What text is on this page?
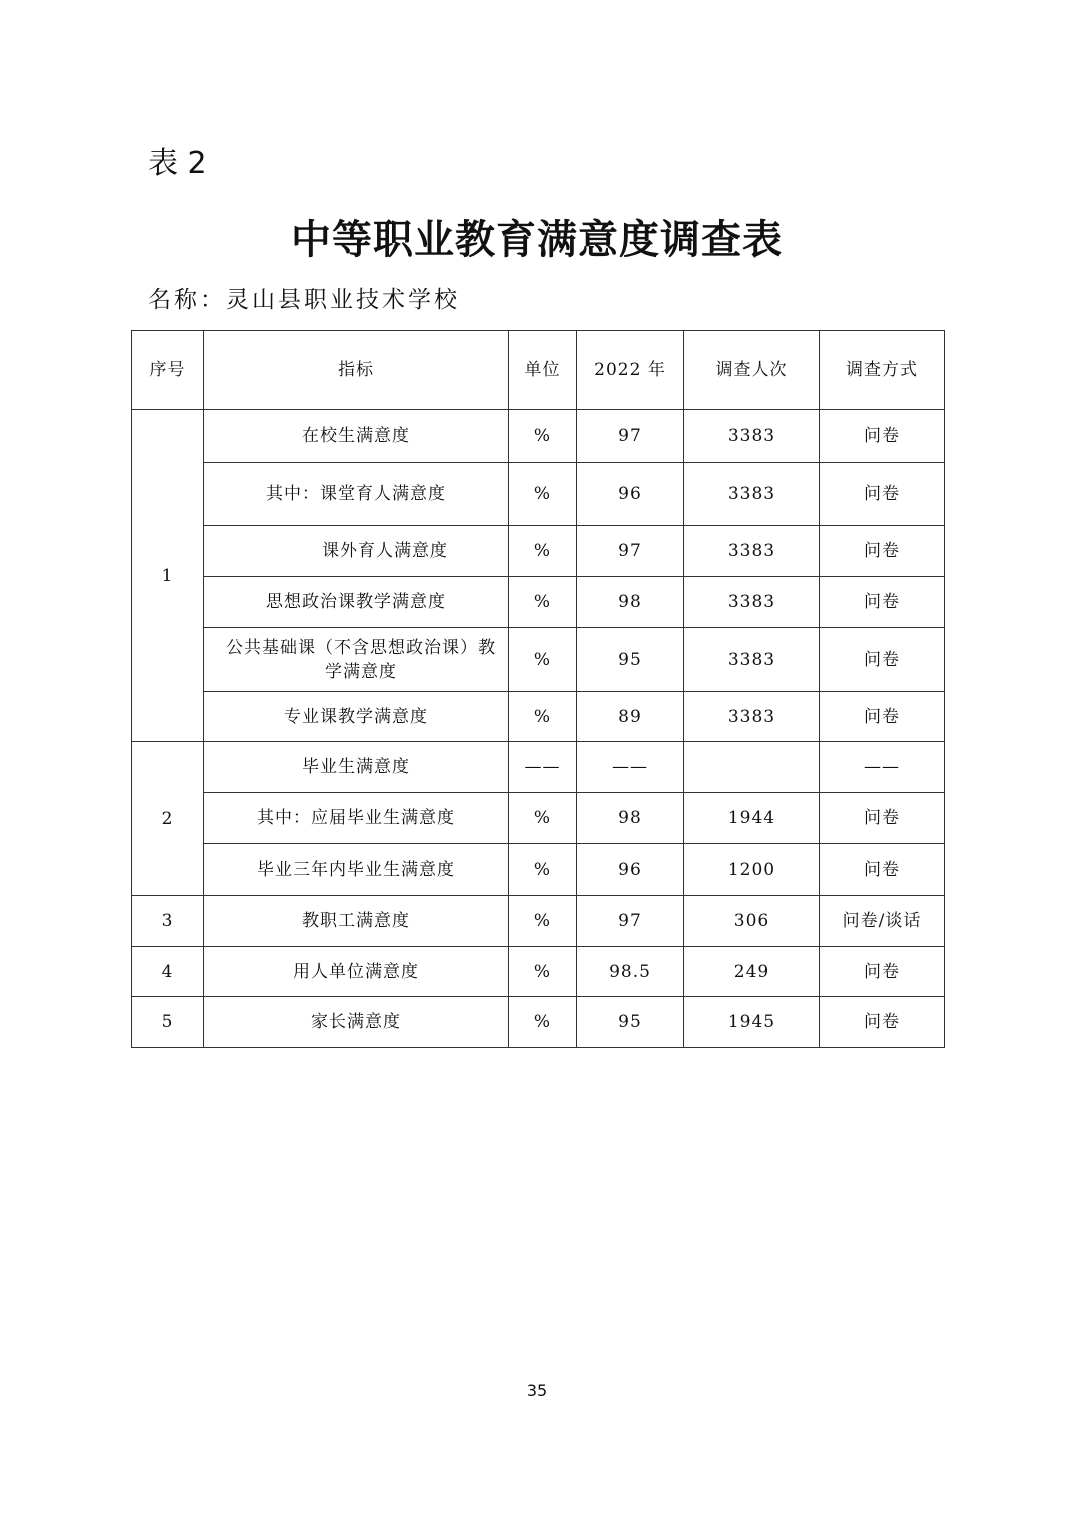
表 2
中等职业教育满意度调查表
名称：灵山县职业技术学校
序号	指标	单位	2022 年	调查人次	调查方式
1	在校生满意度	%	97	3383	问卷
	其中：课堂育人满意度	%	96	3383	问卷
	课外育人满意度	%	97	3383	问卷
	思想政治课教学满意度	%	98	3383	问卷
	公共基础课（不含思想政治课）教学满意度	%	95	3383	问卷
	专业课教学满意度	%	89	3383	问卷
2	毕业生满意度	——	——		——
	其中：应届毕业生满意度	%	98	1944	问卷
	毕业三年内毕业生满意度	%	96	1200	问卷
3	教职工满意度	%	97	306	问卷/谈话
4	用人单位满意度	%	98.5	249	问卷
5	家长满意度	%	95	1945	问卷
35
